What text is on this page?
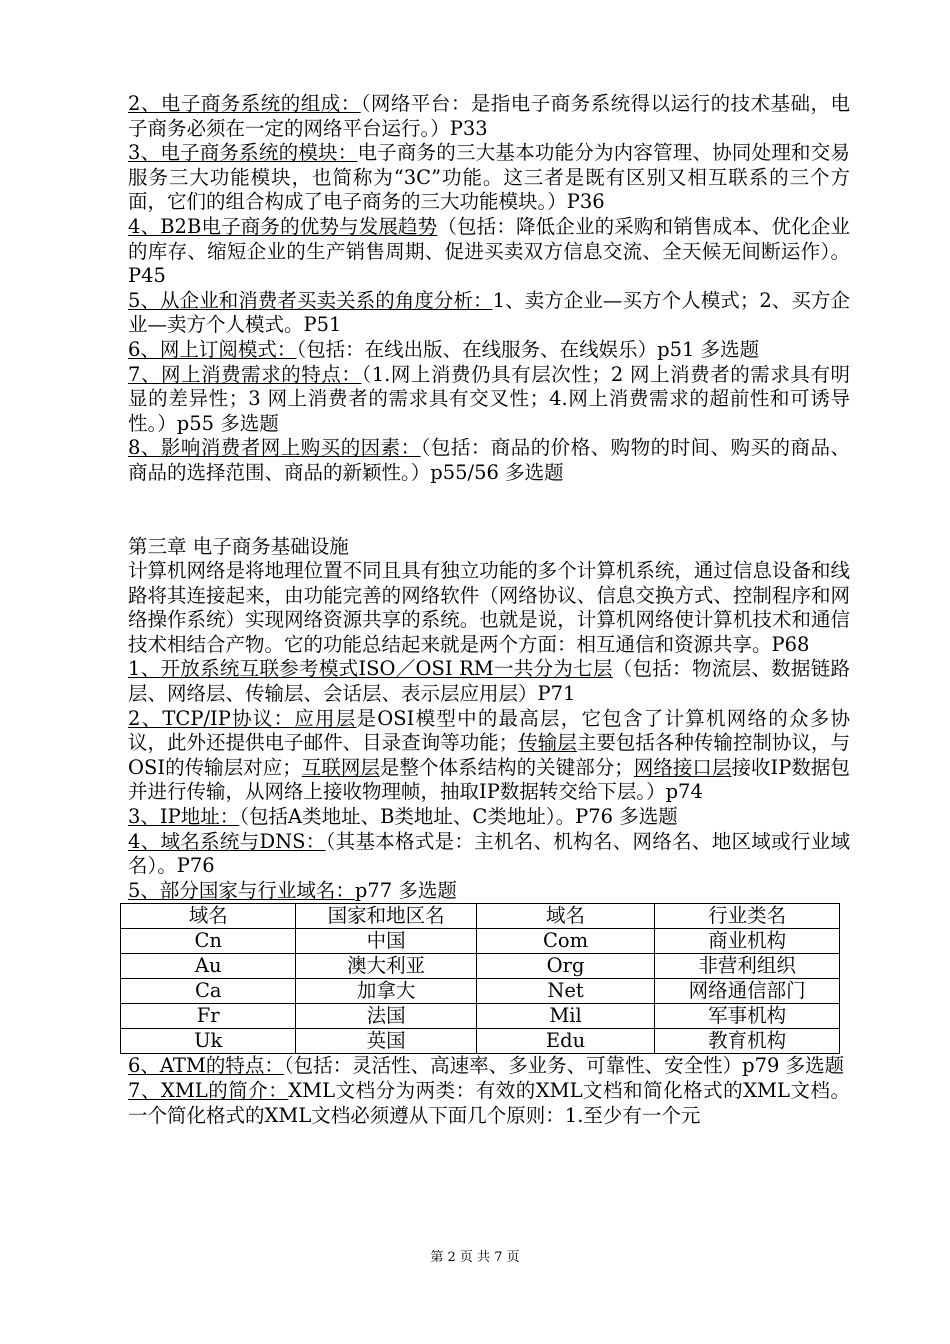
2、电子商务系统的组成：（网络平台：是指电子商务系统得以运行的技术基础，电子商务必须在一定的网络平台运行。）P33

3、电子商务系统的模块：电子商务的三大基本功能分为内容管理、协同处理和交易服务三大功能模块，也简称为“3C”功能。这三者是既有区别又相互联系的三个方面，它们的组合构成了电子商务的三大功能模块。）P36

4、B2B电子商务的优势与发展趋势（包括：降低企业的采购和销售成本、优化企业的库存、缩短企业的生产销售周期、促进买卖双方信息交流、全天候无间断运作）。P45

5、从企业和消费者买卖关系的角度分析：1、卖方企业—买方个人模式；2、买方企业—卖方个人模式。P51

6、网上订阅模式：（包括：在线出版、在线服务、在线娱乐）p51 多选题

7、网上消费需求的特点：（1.网上消费仍具有层次性；2 网上消费者的需求具有明显的差异性；3 网上消费者的需求具有交叉性；4.网上消费需求的超前性和可诱导性。）p55 多选题

8、影响消费者网上购买的因素：（包括：商品的价格、购物的时间、购买的商品、商品的选择范围、商品的新颖性。）p55/56 多选题

第三章 电子商务基础设施

计算机网络是将地理位置不同且具有独立功能的多个计算机系统，通过信息设备和线路将其连接起来，由功能完善的网络软件（网络协议、信息交换方式、控制程序和网络操作系统）实现网络资源共享的系统。也就是说，计算机网络使计算机技术和通信技术相结合产物。它的功能总结起来就是两个方面：相互通信和资源共享。P68

1、开放系统互联参考模式ISO／OSI RM一共分为七层（包括：物流层、数据链路层、网络层、传输层、会话层、表示层应用层）P71

2、TCP/IP协议：应用层是OSI模型中的最高层，它包含了计算机网络的众多协议，此外还提供电子邮件、目录查询等功能；传输层主要包括各种传输控制协议，与OSI的传输层对应；互联网层是整个体系结构的关键部分；网络接口层接收IP数据包并进行传输，从网络上接收物理帧，抽取IP数据转交给下层。）p74

3、IP地址：（包括A类地址、B类地址、C类地址）。P76 多选题

4、域名系统与DNS：（其基本格式是：主机名、机构名、网络名、地区域或行业域名）。P76

5、部分国家与行业域名：p77 多选题

域名	国家和地区名	域名	行业类名
Cn	中国	Com	商业机构
Au	澳大利亚	Org	非营利组织
Ca	加拿大	Net	网络通信部门
Fr	法国	Mil	军事机构
Uk	英国	Edu	教育机构

6、ATM的特点：（包括：灵活性、高速率、多业务、可靠性、安全性）p79 多选题

7、XML的简介：XML文档分为两类：有效的XML文档和简化格式的XML文档。一个简化格式的XML文档必须遵从下面几个原则：1.至少有一个元

第 2 页 共 7 页
